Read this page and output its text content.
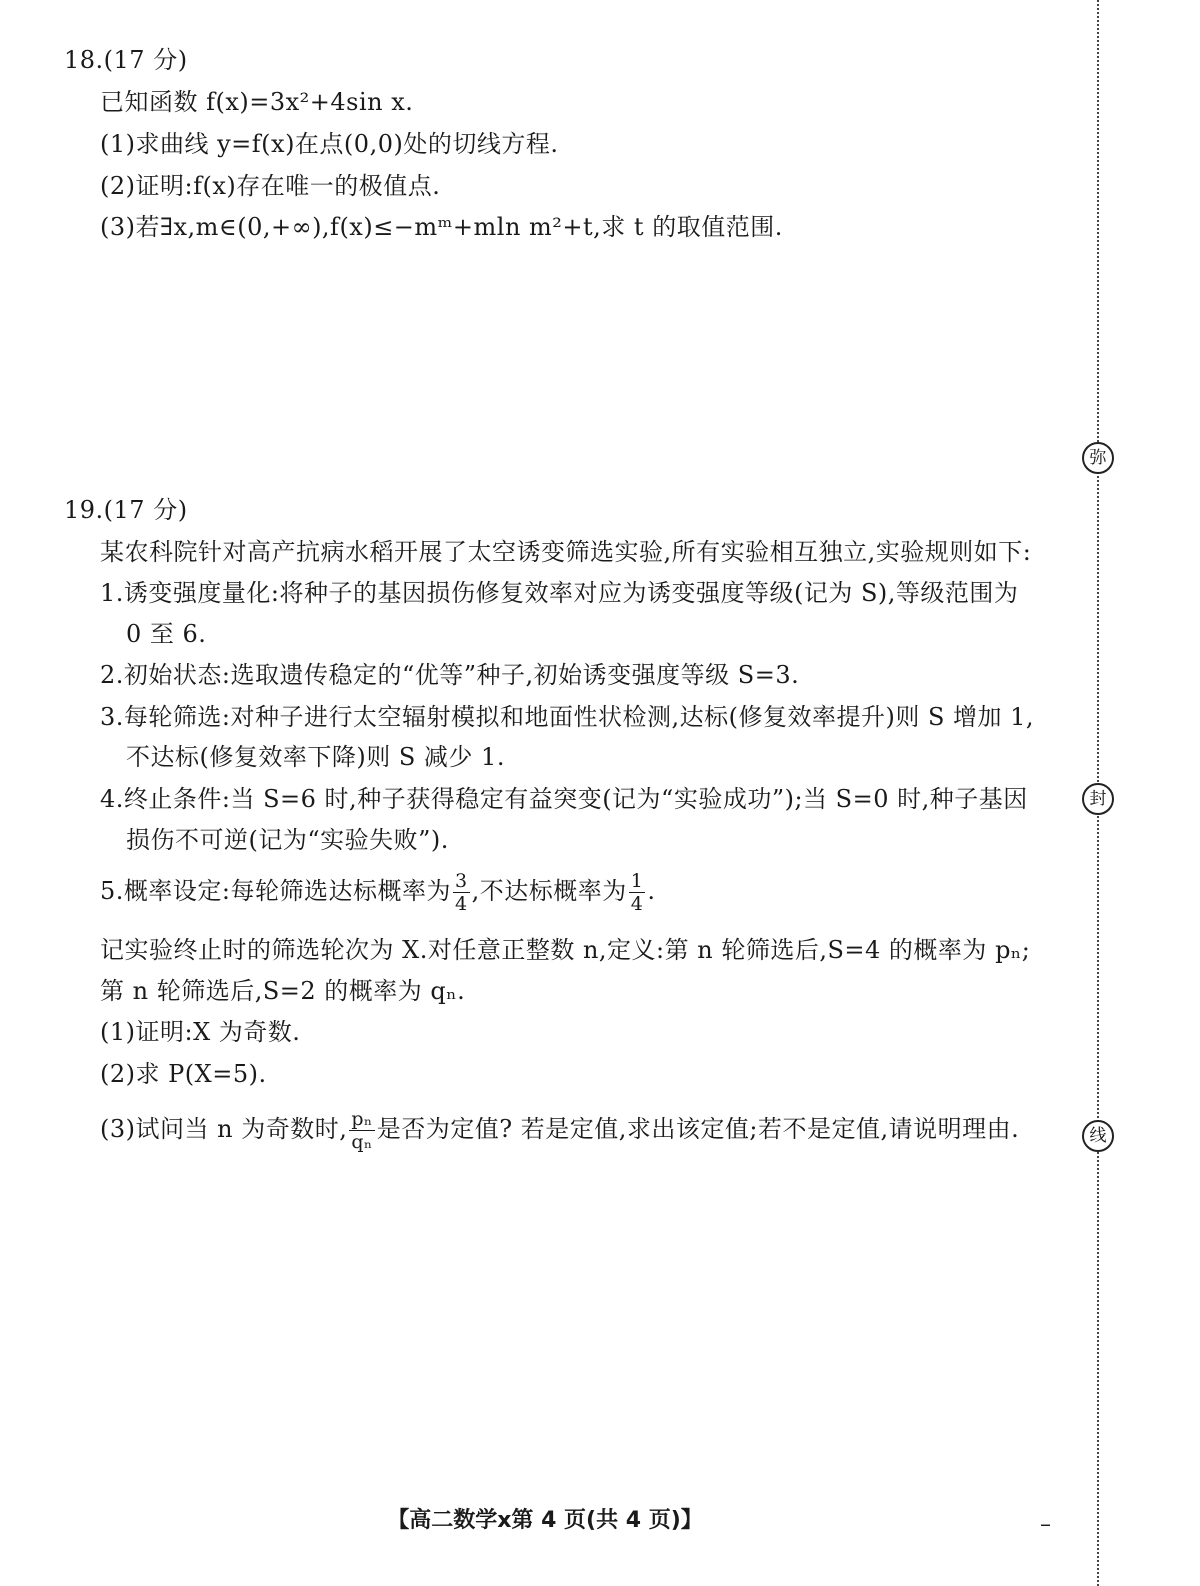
18.(17 分)
已知函数 f(x)=3x²+4sin x.
(1)求曲线 y=f(x)在点(0,0)处的切线方程.
(2)证明:f(x)存在唯一的极值点.
(3)若∃x,m∈(0,+∞),f(x)≤−mᵐ+mln m²+t,求 t 的取值范围.
19.(17 分)
某农科院针对高产抗病水稻开展了太空诱变筛选实验,所有实验相互独立,实验规则如下:
1.诱变强度量化:将种子的基因损伤修复效率对应为诱变强度等级(记为 S),等级范围为
0 至 6.
2.初始状态:选取遗传稳定的“优等”种子,初始诱变强度等级 S=3.
3.每轮筛选:对种子进行太空辐射模拟和地面性状检测,达标(修复效率提升)则 S 增加 1,
不达标(修复效率下降)则 S 减少 1.
4.终止条件:当 S=6 时,种子获得稳定有益突变(记为“实验成功”);当 S=0 时,种子基因
损伤不可逆(记为“实验失败”).
5.概率设定:每轮筛选达标概率为 $\frac{3}{4}$ ,不达标概率为 $\frac{1}{4}$ .
记实验终止时的筛选轮次为 X.对任意正整数 n,定义:第 n 轮筛选后,S=4 的概率为 pₙ;
第 n 轮筛选后,S=2 的概率为 qₙ.
(1)证明:X 为奇数.
(2)求 P(X=5).
(3)试问当 n 为奇数时, $\frac{\text{pₙ}}{\text{qₙ}}$ 是否为定值? 若是定值,求出该定值;若不是定值,请说明理由.
弥
封
线
【高二数学ⅹ第 4 页(共 4 页)】	–
